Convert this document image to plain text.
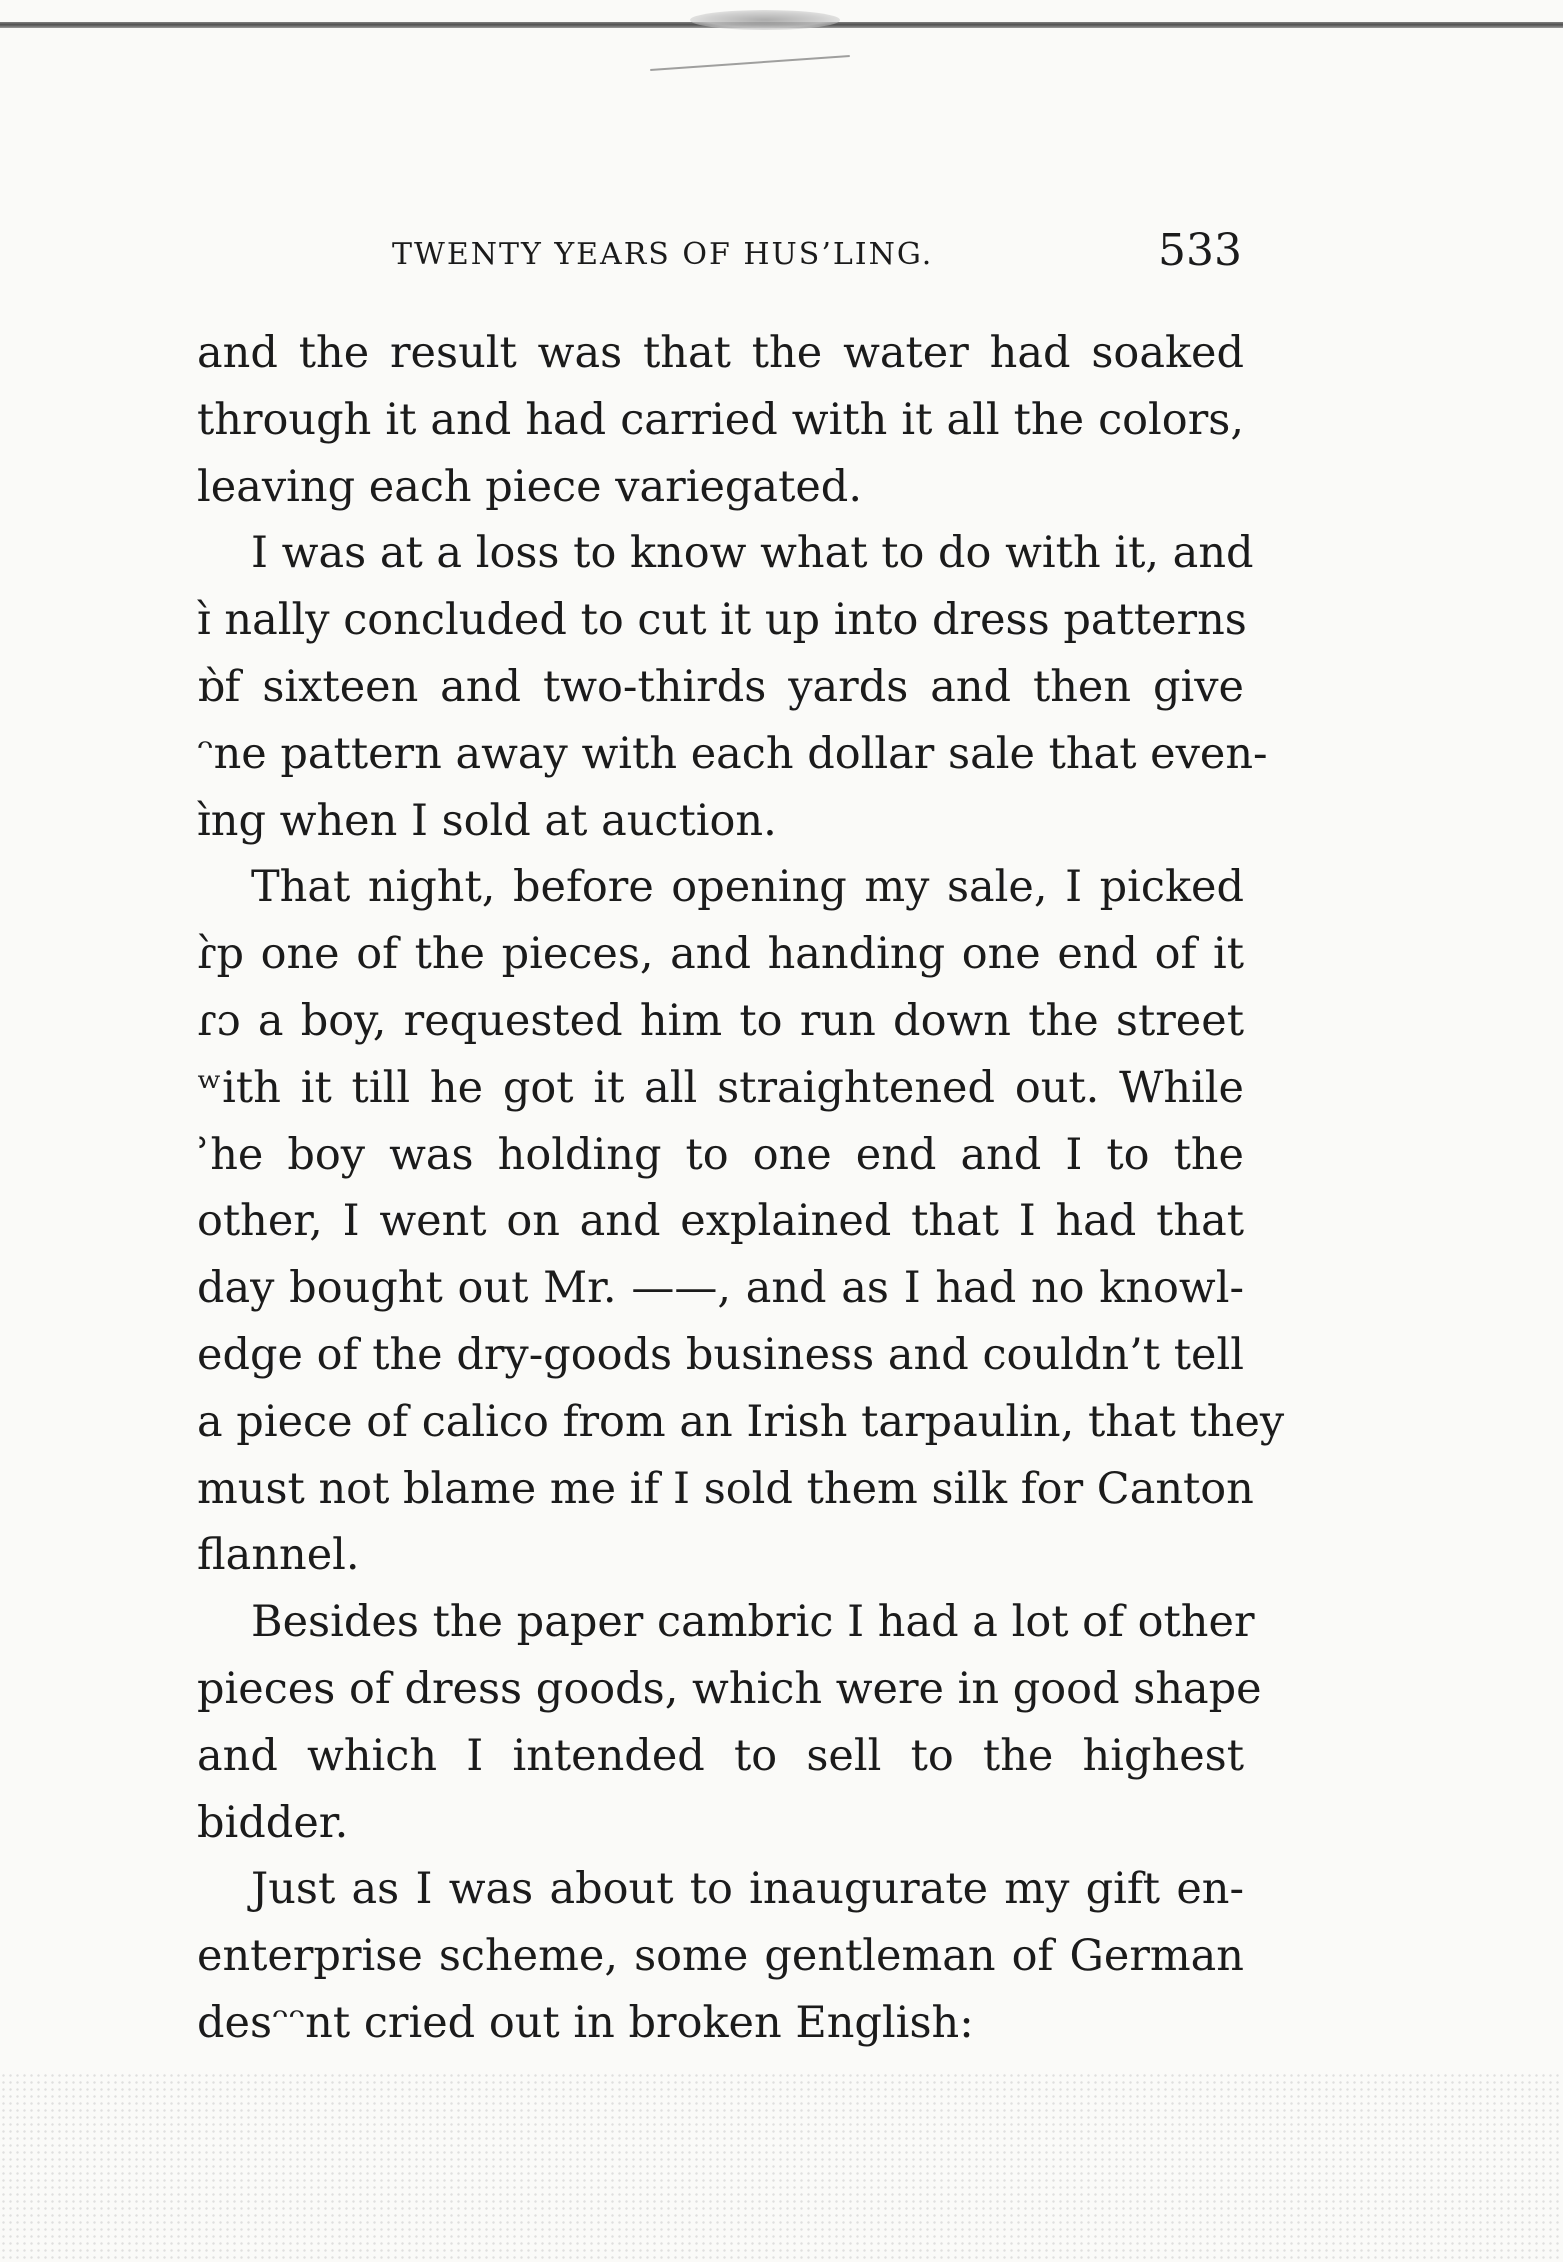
TWENTY YEARS OF HUS’LING.	533

and the result was that the water had soaked
through it and had carried with it all the colors,
leaving each piece variegated.

I was at a loss to know what to do with it, and
ɪ̀ nally concluded to cut it up into dress patterns
ɒ̀f sixteen and two-thirds yards and then give
ᵔne pattern away with each dollar sale that even-
ɪ̀ng when I sold at auction.

That night, before opening my sale, I picked
ɾ̀p one of the pieces, and handing one end of it
ɾɔ a boy, requested him to run down the street
ʷith it till he got it all straightened out. While
ʾhe boy was holding to one end and I to the
other, I went on and explained that I had that
day bought out Mr. ——, and as I had no knowl-
edge of the dry-goods business and couldn’t tell
a piece of calico from an Irish tarpaulin, that they
must not blame me if I sold them silk for Canton
flannel.

Besides the paper cambric I had a lot of other
pieces of dress goods, which were in good shape
and which I intended to sell to the highest
bidder.

Just as I was about to inaugurate my gift en-
enterprise scheme, some gentleman of German
desᵔᵔnt cried out in broken English:
